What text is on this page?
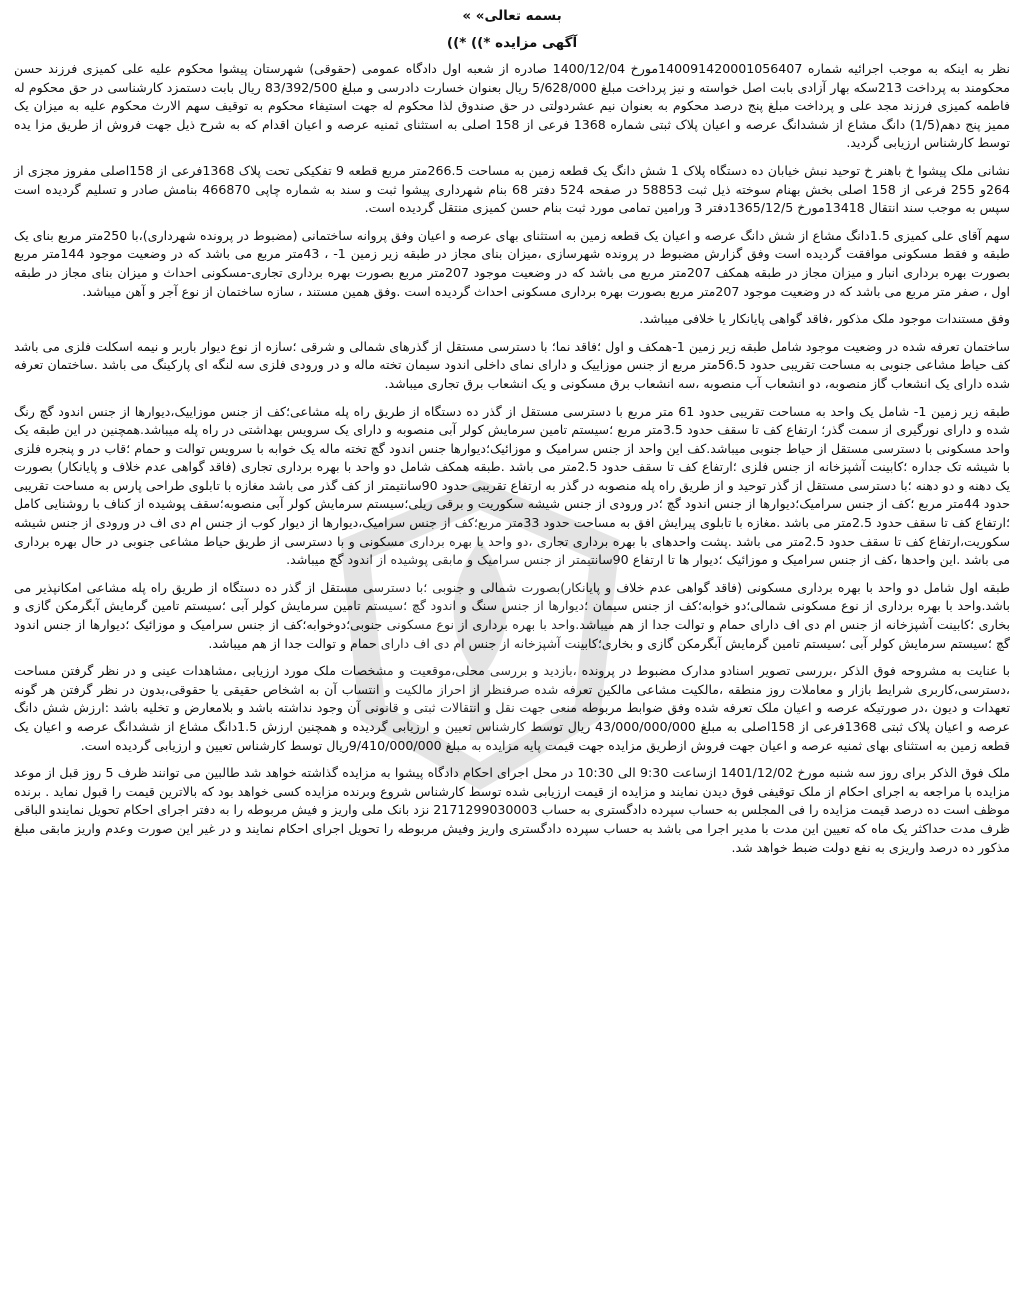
بسمه تعالی» »
آگهی مزایده *)) *))

نظر به اینکه به موجب اجرائیه شماره 14009142000105640‌7مورخ 1400/12/04 صادره از شعبه اول دادگاه عمومی (حقوقی) شهرستان پیشوا محکوم علیه علی کمیزی فرزند حسن محکومند به پرداخت 213سکه بهار آزادی بابت اصل خواسته و نیز پرداخت مبلغ 5/628/000 ریال بعنوان خسارت دادرسی و مبلغ 83/392/500 ریال بابت دستمزد کارشناسی در حق محکوم له فاطمه کمیزی فرزند مجد علی و پرداخت مبلغ پنج درصد محکوم به بعنوان نیم عشردولتی در حق صندوق لذا محکوم له جهت استیفاء محکوم به توقیف سهم الارث محکوم علیه به میزان یک ممیز پنج دهم(1/5) دانگ مشاع از ششدانگ عرصه و اعیان پلاک ثبتی شماره 1368 فرعی از 158 اصلی به استثنای ثمنیه عرصه و اعیان اقدام که به شرح ذیل جهت فروش از طریق مزا یده توسط کارشناس ارزیابی گردید.

نشانی ملک پیشوا خ باهنر خ توحید نبش خیابان ده دستگاه پلاک 1 شش دانگ یک قطعه زمین به مساحت 266.5متر مربع قطعه 9 تفکیکی تحت پلاک 1368فرعی از 158اصلی مفروز مجزی از 264و 255 فرعی از 158 اصلی بخش بهنام سوخته ذیل ثبت 58853 در صفحه 524 دفتر 68 بنام شهرداری پیشوا ثبت و سند به شماره چاپی 466870 بنامش صادر و تسلیم گردیده است سپس به موجب سند انتقال 13418مورخ 1365/12/5دفتر 3 ورامین تمامی مورد ثبت بنام حسن کمیزی منتقل گردیده است.

سهم آقای علی کمیزی 1.5دانگ مشاع از شش دانگ عرصه و اعیان یک قطعه زمین به استثنای بهای عرصه و اعیان وفق پروانه ساختمانی (مضبوط در پرونده شهرداری)،با 250متر مربع بنای یک طبقه و فقط مسکونی موافقت گردیده است وفق گزارش مضبوط در پرونده شهرسازی ،میزان بنای مجاز در طبقه زیر زمین 1- ، 43متر مربع می باشد که در وضعیت موجود 144متر مربع بصورت بهره برداری انبار و میزان مجاز در طبقه همکف 207متر مربع می باشد که در وضعیت موجود 207متر مربع بصورت بهره برداری تجاری-مسکونی احداث و میزان بنای مجاز در طبقه اول ، صفر متر مربع می باشد که در وضعیت موجود 207متر مربع بصورت بهره برداری مسکونی احداث گردیده است .وفق همین مستند ، سازه ساختمان از نوع آجر و آهن میباشد.

وفق مستندات موجود ملک مذکور ،فاقد گواهی پایانکار یا خلافی میباشد.

ساختمان تعرفه شده در وضعیت موجود شامل طبقه زیر زمین 1-همکف و اول ؛فاقد نما؛ با دسترسی مستقل از گذرهای شمالی و شرقی ؛سازه از نوع دیوار باربر و نیمه اسکلت فلزی می باشد کف حیاط مشاعی جنوبی به مساحت تقریبی حدود 56.5متر مربع از جنس موزاییک و دارای نمای داخلی اندود سیمان تخته ماله و در ورودی فلزی سه لنگه ای پارکینگ می باشد .ساختمان تعرفه شده دارای یک انشعاب گاز منصوبه، دو انشعاب آب منصوبه ،سه انشعاب برق مسکونی و یک انشعاب برق تجاری میباشد.

طبقه زیر زمین 1- شامل یک واحد به مساحت تقریبی حدود 61 متر مربع با دسترسی مستقل از گذر ده دستگاه از طریق راه پله مشاعی؛کف از جنس موزاییک،دیوارها از جنس اندود گچ رنگ شده و دارای نورگیری از سمت گذر؛ ارتفاع کف تا سقف حدود 3.5متر مربع ؛سیستم تامین سرمایش کولر آبی منصوبه و دارای یک سرویس بهداشتی در راه پله میباشد.همچنین در این طبقه یک واحد مسکونی با دسترسی مستقل از حیاط جنوبی میباشد.کف این واحد از جنس سرامیک و موزائیک؛دیوارها جنس اندود گچ تخته ماله یک خوابه با سرویس توالت و حمام ؛قاب در و پنجره فلزی با شیشه تک جداره ؛کابینت آشپزخانه از جنس فلزی ؛ارتفاع کف تا سقف حدود 2.5متر می باشد .طبقه همکف شامل دو واحد با بهره برداری تجاری (فاقد گواهی عدم خلاف و پایانکار) بصورت یک دهنه و دو دهنه ؛با دسترسی مستقل از گذر توحید و از طریق راه پله منصوبه در گذر به ارتفاع تقریبی حدود 90سانتیمتر از کف گذر می باشد مغازه با تابلوی طراحی پارس به مساحت تقریبی حدود 44متر مربع ؛کف از جنس سرامیک؛دیوارها از جنس اندود گچ ؛در ورودی از جنس شیشه سکوریت و برقی ریلی؛سیستم سرمایش کولر آبی منصوبه؛سقف پوشیده از کناف با روشنایی کامل ؛ارتفاع کف تا سقف حدود 2.5متر می باشد .مغازه با تابلوی پیرایش افق به مساحت حدود 33متر مربع؛کف از جنس سرامیک،دیوارها از دیوار کوب از جنس ام دی اف در ورودی از جنس شیشه سکوریت،ارتفاع کف تا سقف حدود 2.5متر می باشد .پشت واحدهای با بهره برداری تجاری ،دو واحد با بهره برداری مسکونی و با دسترسی از طریق حیاط مشاعی جنوبی در حال بهره برداری می باشد .این واحدها ،کف از جنس سرامیک و موزائیک ؛دیوار ها تا ارتفاع 90سانتیمتر از جنس سرامیک و مابقی پوشیده از اندود گچ میباشد.

طبقه اول شامل دو واحد با بهره برداری مسکونی (فاقد گواهی عدم خلاف و پایانکار)بصورت شمالی و جنوبی ؛با دسترسی مستقل از گذر ده دستگاه از طریق راه پله مشاعی امکانپذیر می باشد.واحد با بهره برداری از نوع مسکونی شمالی؛دو خوابه؛کف از جنس سیمان ؛دیوارها از جنس سنگ و اندود گچ ؛سیستم تامین سرمایش کولر آبی ؛سیستم تامین گرمایش آبگرمکن گازی و بخاری ؛کابینت آشپزخانه از جنس ام دی اف دارای حمام و توالت جدا از هم میباشد.واحد با بهره برداری از نوع مسکونی جنوبی؛دوخوابه؛کف از جنس سرامیک و موزائیک ؛دیوارها از جنس اندود گچ ؛سیستم سرمایش کولر آبی ؛سیستم تامین گرمایش آبگرمکن گازی و بخاری؛کابینت آشپزخانه از جنس ام دی اف دارای حمام و توالت جدا از هم میباشد.

با عنایت به مشروحه فوق الذکر ،بررسی تصویر اسنادو مدارک مضبوط در پرونده ،بازدید و بررسی محلی،موقعیت و مشخصات ملک مورد ارزیابی ،مشاهدات عینی و در نظر گرفتن مساحت ،دسترسی،کاربری شرایط بازار و معاملات روز منطقه ،مالکیت مشاعی مالکین تعرفه شده صرفنظر از احراز مالکیت و انتساب آن به اشخاص حقیقی یا حقوقی،بدون در نظر گرفتن هر گونه تعهدات و دیون ،در صورتیکه عرصه و اعیان ملک تعرفه شده وفق ضوابط مربوطه منعی جهت نقل و انتقالات ثبتی و قانونی آن وجود نداشته باشد و بلامعارض و تخلیه باشد :ارزش شش دانگ عرصه و اعیان پلاک ثبتی 1368فرعی از 158اصلی به مبلغ 43/000/000/000 ریال توسط کارشناس تعیین و ارزیابی گردیده و همچنین ارزش 1.5دانگ مشاع از ششدانگ عرصه و اعیان یک قطعه زمین به استثنای بهای ثمنیه عرصه و اعیان جهت فروش ازطریق مزایده جهت قیمت پایه مزایده به مبلغ 9/410/000/000ریال توسط کارشناس تعیین و ارزیابی گردیده است.

ملک فوق الذکر برای روز سه شنبه مورخ 1401/12/02 ازساعت 9:30 الی 10:30 در محل اجرای احکام دادگاه پیشوا به مزایده گذاشته خواهد شد طالبین می توانند ظرف 5 روز قبل از موعد مزایده با مراجعه به اجرای احکام از ملک توقیفی فوق دیدن نمایند و مزایده از قیمت ارزیابی شده توسط کارشناس شروع وبرنده مزایده کسی خواهد بود که بالاترین قیمت را قبول نماید . برنده موظف است ده درصد قیمت مزایده را فی المجلس به حساب سپرده دادگستری به حساب 2171299030003 نزد بانک ملی واریز و فیش مربوطه را به دفتر اجرای احکام تحویل نمایندو الباقی ظرف مدت حداکثر یک ماه که تعیین این مدت با مدیر اجرا می باشد به حساب سپرده دادگستری واریز وفیش مربوطه را تحویل اجرای احکام نمایند و در غیر این صورت وعدم واریز مابقی مبلغ مذکور ده درصد واریزی به نفع دولت ضبط خواهد شد.
